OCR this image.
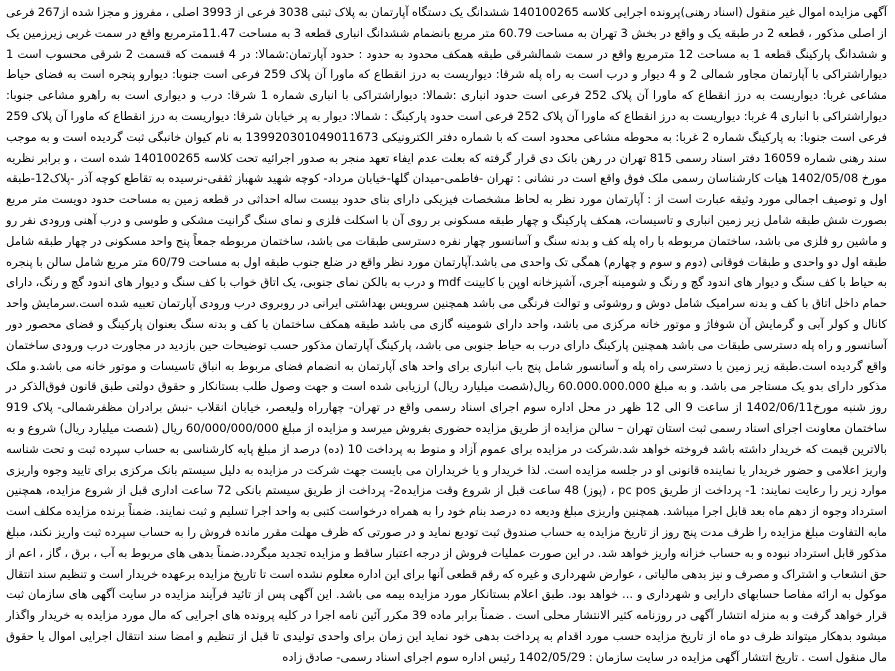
آگهی مزایده اموال غیر منقول (اسناد رهنی)پرونده اجرایی کلاسه 140100265 ششدانگ یک دستگاه آپارتمان به پلاک ثبتی 3038 فرعی از 3993 اصلی ، مفروز و مجزا شده از267 فرعی از اصلی مذکور ، قطعه 2 در طبقه یک و واقع در بخش 3 تهران به مساحت 60.79 متر مربع بانضمام ششدانگ انباری قطعه 3 به مساحت 11.47مترمربع واقع در سمت غربی زیرزمین یک و ششدانگ پارکینگ قطعه 1 به مساحت 12 مترمربع واقع در سمت شمالشرقی طبقه همکف محدود به حدود : حدود آپارتمان:شمالا: در 4 قسمت که قسمت 2 شرقی محسوب است 1 دیواراشتراکی با آپارتمان مجاور شمالی 2 و 4 دیوار و درب است به راه پله شرقا: دیواریست به درز انقطاع که ماورا آن پلاک 259 فرعی است جنوبا: دیوارو پنجره است به فضای حیاط مشاعی غربا: دیواریست به درز انقطاع که ماورا آن پلاک 252 فرعی است حدود انباری :شمالا: دیواراشتراکی با انباری شماره 1 شرقا: درب و دیواری است به راهرو مشاعی جنوبا: دیواراشتراکی با انباری 4 غربا: دیواریست به درز انقطاع که ماورا آن پلاک 252 فرعی است حدود پارکینگ : شمالا: دیوار به پر خیابان شرقا: دیواریست به درز انقطاع که ماورا آن پلاک 259 فرعی است جنوبا: به پارکینگ شماره 2 غربا: به محوطه مشاعی محدود است که با شماره دفتر الکترونیکی 139920301049011673 به نام کیوان خانبگی ثبت گردیده است و به موجب سند رهنی شماره 16059 دفتر اسناد رسمی 815 تهران در رهن بانک دی قرار گرفته که بعلت عدم ایفاء تعهد منجر به صدور اجرائیه تحت کلاسه 140100265 شده است ، و برابر نظریه مورخ 1402/05/08 هیات کارشناسان رسمی ملک فوق واقع است در نشانی : تهران -فاطمی-میدان گلها-خیابان مرداد- کوچه شهید شهباز ثقفی-نرسیده به تقاطع کوچه آذر -پلاک12-طبقه اول و توصیف اجمالی مورد وثیقه عبارت است از : آپارتمان مورد نظر به لحاظ مشخصات فیزیکی دارای بنای حدود بیست ساله احداثی در قطعه زمین به مساحت حدود دویست متر مربع بصورت شش طبقه شامل زیر زمین انباری و تاسیسات، همکف پارکینگ و چهار طبقه مسکونی بر روی آن با اسکلت فلزی و نمای سنگ گرانیت مشکی و طوسی و درب آهنی ورودی نفر رو و ماشین رو فلزی می باشد، ساختمان مربوطه با راه پله کف و بدنه سنگ و آسانسور چهار نفره دسترسی طبقات می باشد، ساختمان مربوطه جمعاً پنج واحد مسکونی در چهار طبقه شامل طبقه اول دو واحدی و طبقات فوقانی (دوم و سوم و چهارم) همگی تک واحدی می باشد.آپارتمان مورد نظر واقع در ضلع جنوب طبقه اول به مساحت 60/79 متر مربع شامل سالن با پنجره به حیاط با کف سنگ و دیوار های اندود گچ و رنگ و شومینه آجری، آشپزخانه اوپن با کابینت mdf و درب به بالکن نمای جنوبی، یک اتاق خواب با کف سنگ و دیوار های اندود گچ و رنگ، دارای حمام داخل اتاق با کف و بدنه سرامیک شامل دوش و روشوئی و توالت فرنگی می باشد همچنین سرویس بهداشتی ایرانی در روبروی درب ورودی آپارتمان تعبیه شده است.سرمایش واحد کانال و کولر آبی و گرمایش آن شوفاژ و موتور خانه مرکزی می باشد، واحد دارای شومینه گازی می باشد طبقه همکف ساختمان با کف و بدنه سنگ بعنوان پارکینگ و فضای محصور دور آسانسور و راه پله دسترسی طبقات می باشد همچنین پارکینگ دارای درب به حیاط جنوبی می باشد، پارکینگ آپارتمان مذکور حسب توضیحات حین بازدید در مجاورت درب ورودی ساختمان واقع گردیده است.طبقه زیر زمین با دسترسی راه پله و آسانسور شامل پنج باب انباری برای واحد های آپارتمان به انضمام فضای مربوط به انباق تاسیسات و موتور خانه می باشد.و ملک مذکور دارای بدو یک مستاجر می باشد. و به مبلغ 60.000.000.000 ریال(شصت میلیارد ریال) ارزیابی شده است و جهت وصول طلب بستانکار و حقوق دولتی طبق قانون فوق‌الذکر در روز شنبه مورخ1402/06/11 از ساعت 9 الی 12 ظهر در محل اداره سوم اجرای اسناد رسمی واقع در تهران- چهارراه ولیعصر، خیابان انقلاب -نبش برادران مظفرشمالی- پلاک 919 ساختمان معاونت اجرای اسناد رسمی ثبت استان تهران – سالن مزایده از طریق مزایده حضوری بفروش میرسد و مزایده از مبلغ 60/000/000/000 ریال (شصت میلیارد ریال) شروع و به بالاترین قیمت که خریدار داشته باشد فروخته خواهد شد.شرکت در مزایده برای عموم آزاد و منوط به پرداخت 10 (ده) درصد از مبلغ پایه کارشناسی به حساب سپرده ثبت و تحت شناسه واریز اعلامی و حضور خریدار یا نماینده قانونی او در جلسه مزایده است. لذا خریدار و یا خریداران می بایست جهت شرکت در مزایده به دلیل سیستم بانک مرکزی برای تایید وجوه واریزی موارد زیر را رعایت نمایند: 1- پرداخت از طریق pc pos ، (پوز) 48 ساعت قبل از شروع وقت مزایده2- پرداخت از طریق سیستم بانکی 72 ساعت اداری قبل از شروع مزایده، همچنین استرداد وجوه از دهم ماه بعد قابل اجرا میباشد. همچنین واریزی مبلغ ودیعه ده درصد بنام خود را به همراه درخواست کتبی به واحد اجرا تسلیم و ثبت نمایند. ضمناً برنده مزایده مکلف است مابه التفاوت مبلغ مزایده را ظرف مدت پنج روز از تاریخ مزایده به حساب صندوق ثبت تودیع نماید و در صورتی که ظرف مهلت مقرر مانده فروش را به حساب سپرده ثبت واریز نکند، مبلغ مذکور قابل استرداد نبوده و به حساب خزانه واریز خواهد شد. در این صورت عملیات فروش از درجه اعتبار ساقط و مزایده تجدید میگردد.ضمناً بدهی های مربوط به آب ، برق ، گاز ، اعم از حق انشعاب و اشتراک و مصرف و نیز بدهی مالیاتی ، عوارض شهرداری و غیره که رقم قطعی آنها برای این اداره معلوم نشده است تا تاریخ مزایده برعهده خریدار است و تنظیم سند انتقال موکول به ارائه مفاصا حسابهای دارایی و شهرداری و ... خواهد بود. طبق اعلام بستانکار مورد مزایده بیمه می باشد. این آگهی پس از تائید فرآیند مزایده در سایت آگهی های سازمان ثبت قرار خواهد گرفت و به منزله انتشار آگهی در روزنامه کثیر الانتشار محلی است . ضمناً برابر ماده 39 مکرر آئین نامه اجرا در کلیه پرونده های اجرایی که مال مورد مزایده به خریدار واگذار میشود بدهکار میتواند ظرف دو ماه از تاریخ مزایده حسب مورد اقدام به پرداخت بدهی خود نماید این زمان برای واحدی تولیدی تا قبل از تنظیم و امضا سند انتقال اجرایی اموال یا حقوق مال منقول است . تاریخ انتشار آگهی مزایده در سایت سازمان : 1402/05/29 رئیس اداره سوم اجرای اسناد رسمی- صادق زاده
